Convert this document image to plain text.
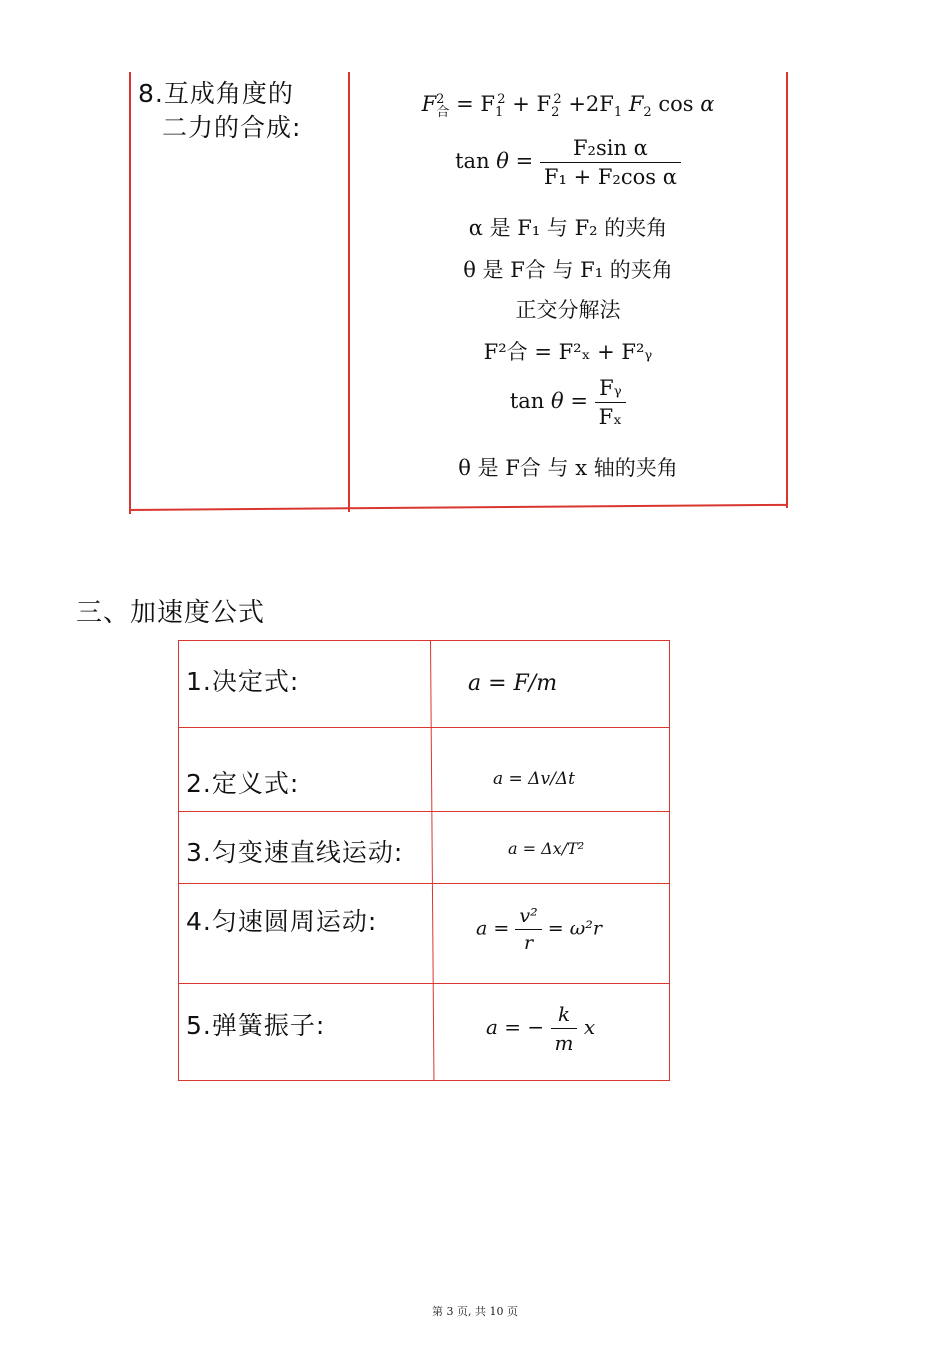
8.互成角度的
二力的合成:
$F^2_合 = F_1^2 + F_2^2 +2F_1$ $F_2$ cos α
$\tan \theta = \frac{\text{F₂sin α}}{\text{F₁ + F₂cos α}}$
α 是 F₁ 与 F₂ 的夹角
θ 是 F合 与 F₁ 的夹角
正交分解法
F²合 = F²ₓ + F²ᵧ
$\tan \theta = \frac{\text{Fᵧ}}{\text{Fₓ}}$
θ 是 F合 与 x 轴的夹角
三、加速度公式
1.决定式:	a = F/m
2.定义式:	a = Δv/Δt
3.匀变速直线运动:	a = Δx/T²
4.匀速圆周运动:	$a = \frac{\text{v²}}{r} = \omega^2r$
5.弹簧振子:	a = − $\frac{k}{m}$ x
第 3 页, 共 10 页
